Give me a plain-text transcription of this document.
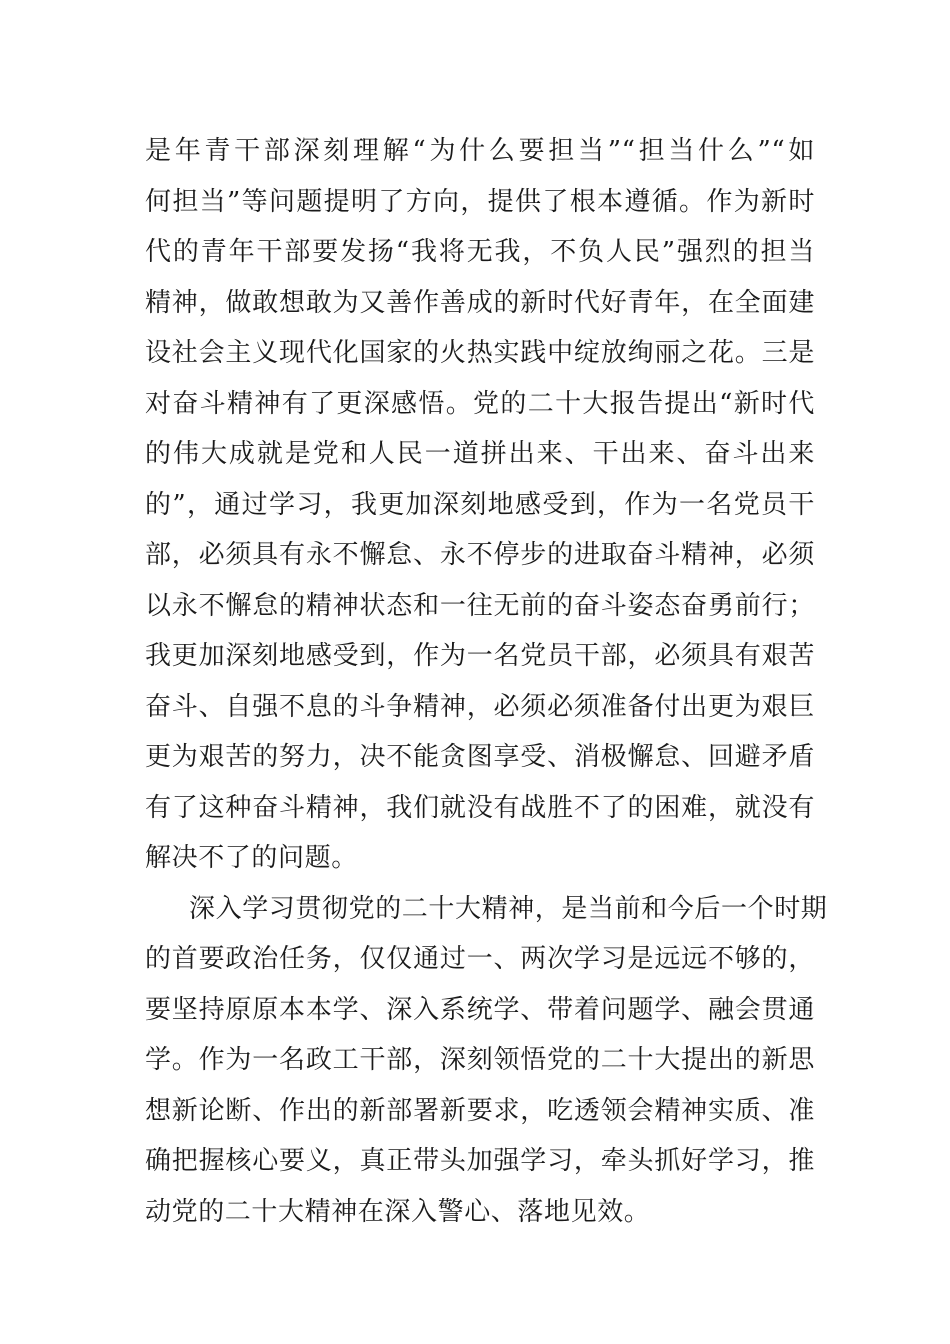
是年青干部深刻理解“为什么要担当”“担当什么”“如
何担当”等问题提明了方向，提供了根本遵循。作为新时
代的青年干部要发扬“我将无我，不负人民”强烈的担当
精神，做敢想敢为又善作善成的新时代好青年，在全面建
设社会主义现代化国家的火热实践中绽放绚丽之花。三是
对奋斗精神有了更深感悟。党的二十大报告提出“新时代
的伟大成就是党和人民一道拼出来、干出来、奋斗出来
的”，通过学习，我更加深刻地感受到，作为一名党员干
部，必须具有永不懈怠、永不停步的进取奋斗精神，必须
以永不懈怠的精神状态和一往无前的奋斗姿态奋勇前行；
我更加深刻地感受到，作为一名党员干部，必须具有艰苦
奋斗、自强不息的斗争精神，必须必须准备付出更为艰巨
更为艰苦的努力，决不能贪图享受、消极懈怠、回避矛盾
有了这种奋斗精神，我们就没有战胜不了的困难，就没有
解决不了的问题。
深入学习贯彻党的二十大精神，是当前和今后一个时期
的首要政治任务，仅仅通过一、两次学习是远远不够的，
要坚持原原本本学、深入系统学、带着问题学、融会贯通
学。作为一名政工干部，深刻领悟党的二十大提出的新思
想新论断、作出的新部署新要求，吃透领会精神实质、准
确把握核心要义，真正带头加强学习，牵头抓好学习，推
动党的二十大精神在深入警心、落地见效。
